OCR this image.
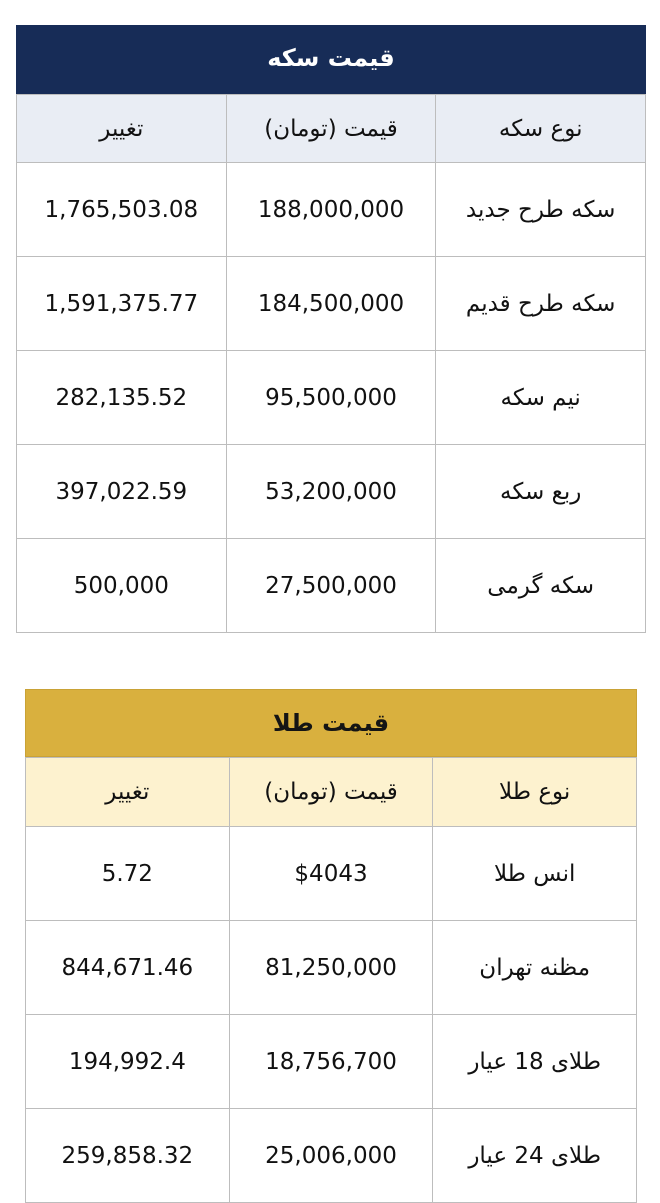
قیمت سکه
نوع سکه	قیمت (تومان)	تغییر
سکه طرح جدید	188,000,000	1,765,503.08
سکه طرح قدیم	184,500,000	1,591,375.77
نیم سکه	95,500,000	282,135.52
ربع سکه	53,200,000	397,022.59
سکه گرمی	27,500,000	500,000
قیمت طلا
نوع طلا	قیمت (تومان)	تغییر
انس طلا	$4043	5.72
مظنه تهران	81,250,000	844,671.46
طلای 18 عیار	18,756,700	194,992.4
طلای 24 عیار	25,006,000	259,858.32
